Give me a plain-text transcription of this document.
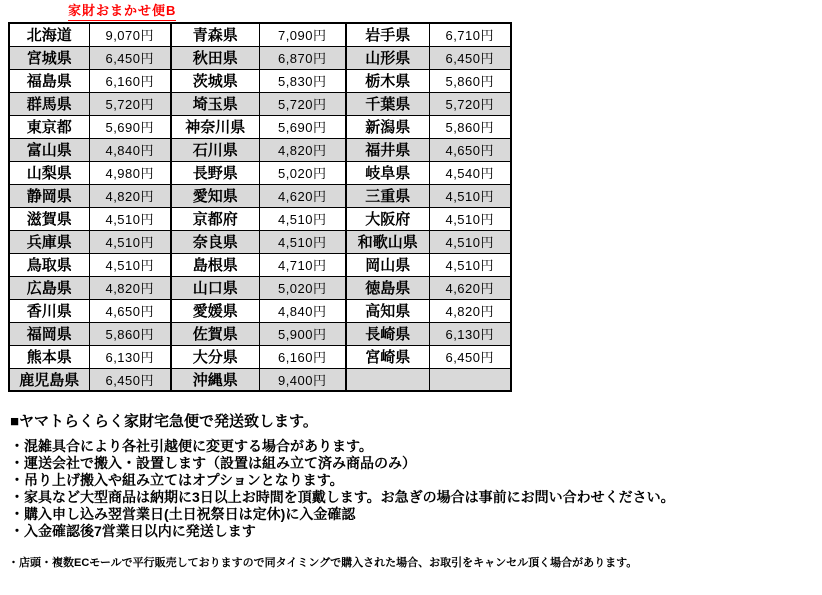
家財おまかせ便B
北海道	9,070円	青森県	7,090円	岩手県	6,710円
宮城県	6,450円	秋田県	6,870円	山形県	6,450円
福島県	6,160円	茨城県	5,830円	栃木県	5,860円
群馬県	5,720円	埼玉県	5,720円	千葉県	5,720円
東京都	5,690円	神奈川県	5,690円	新潟県	5,860円
富山県	4,840円	石川県	4,820円	福井県	4,650円
山梨県	4,980円	長野県	5,020円	岐阜県	4,540円
静岡県	4,820円	愛知県	4,620円	三重県	4,510円
滋賀県	4,510円	京都府	4,510円	大阪府	4,510円
兵庫県	4,510円	奈良県	4,510円	和歌山県	4,510円
鳥取県	4,510円	島根県	4,710円	岡山県	4,510円
広島県	4,820円	山口県	5,020円	徳島県	4,620円
香川県	4,650円	愛媛県	4,840円	高知県	4,820円
福岡県	5,860円	佐賀県	5,900円	長崎県	6,130円
熊本県	6,130円	大分県	6,160円	宮崎県	6,450円
鹿児島県	6,450円	沖縄県	9,400円		
■ヤマトらくらく家財宅急便で発送致します。
・混雑具合により各社引越便に変更する場合があります。
・運送会社で搬入・設置します（設置は組み立て済み商品のみ）
・吊り上げ搬入や組み立てはオプションとなります。
・家具など大型商品は納期に3日以上お時間を頂戴します。お急ぎの場合は事前にお問い合わせください。
・購入申し込み翌営業日(土日祝祭日は定休)に入金確認
・入金確認後7営業日以内に発送します
・店頭・複数ECモールで平行販売しておりますので同タイミングで購入された場合、お取引をキャンセル頂く場合があります。
